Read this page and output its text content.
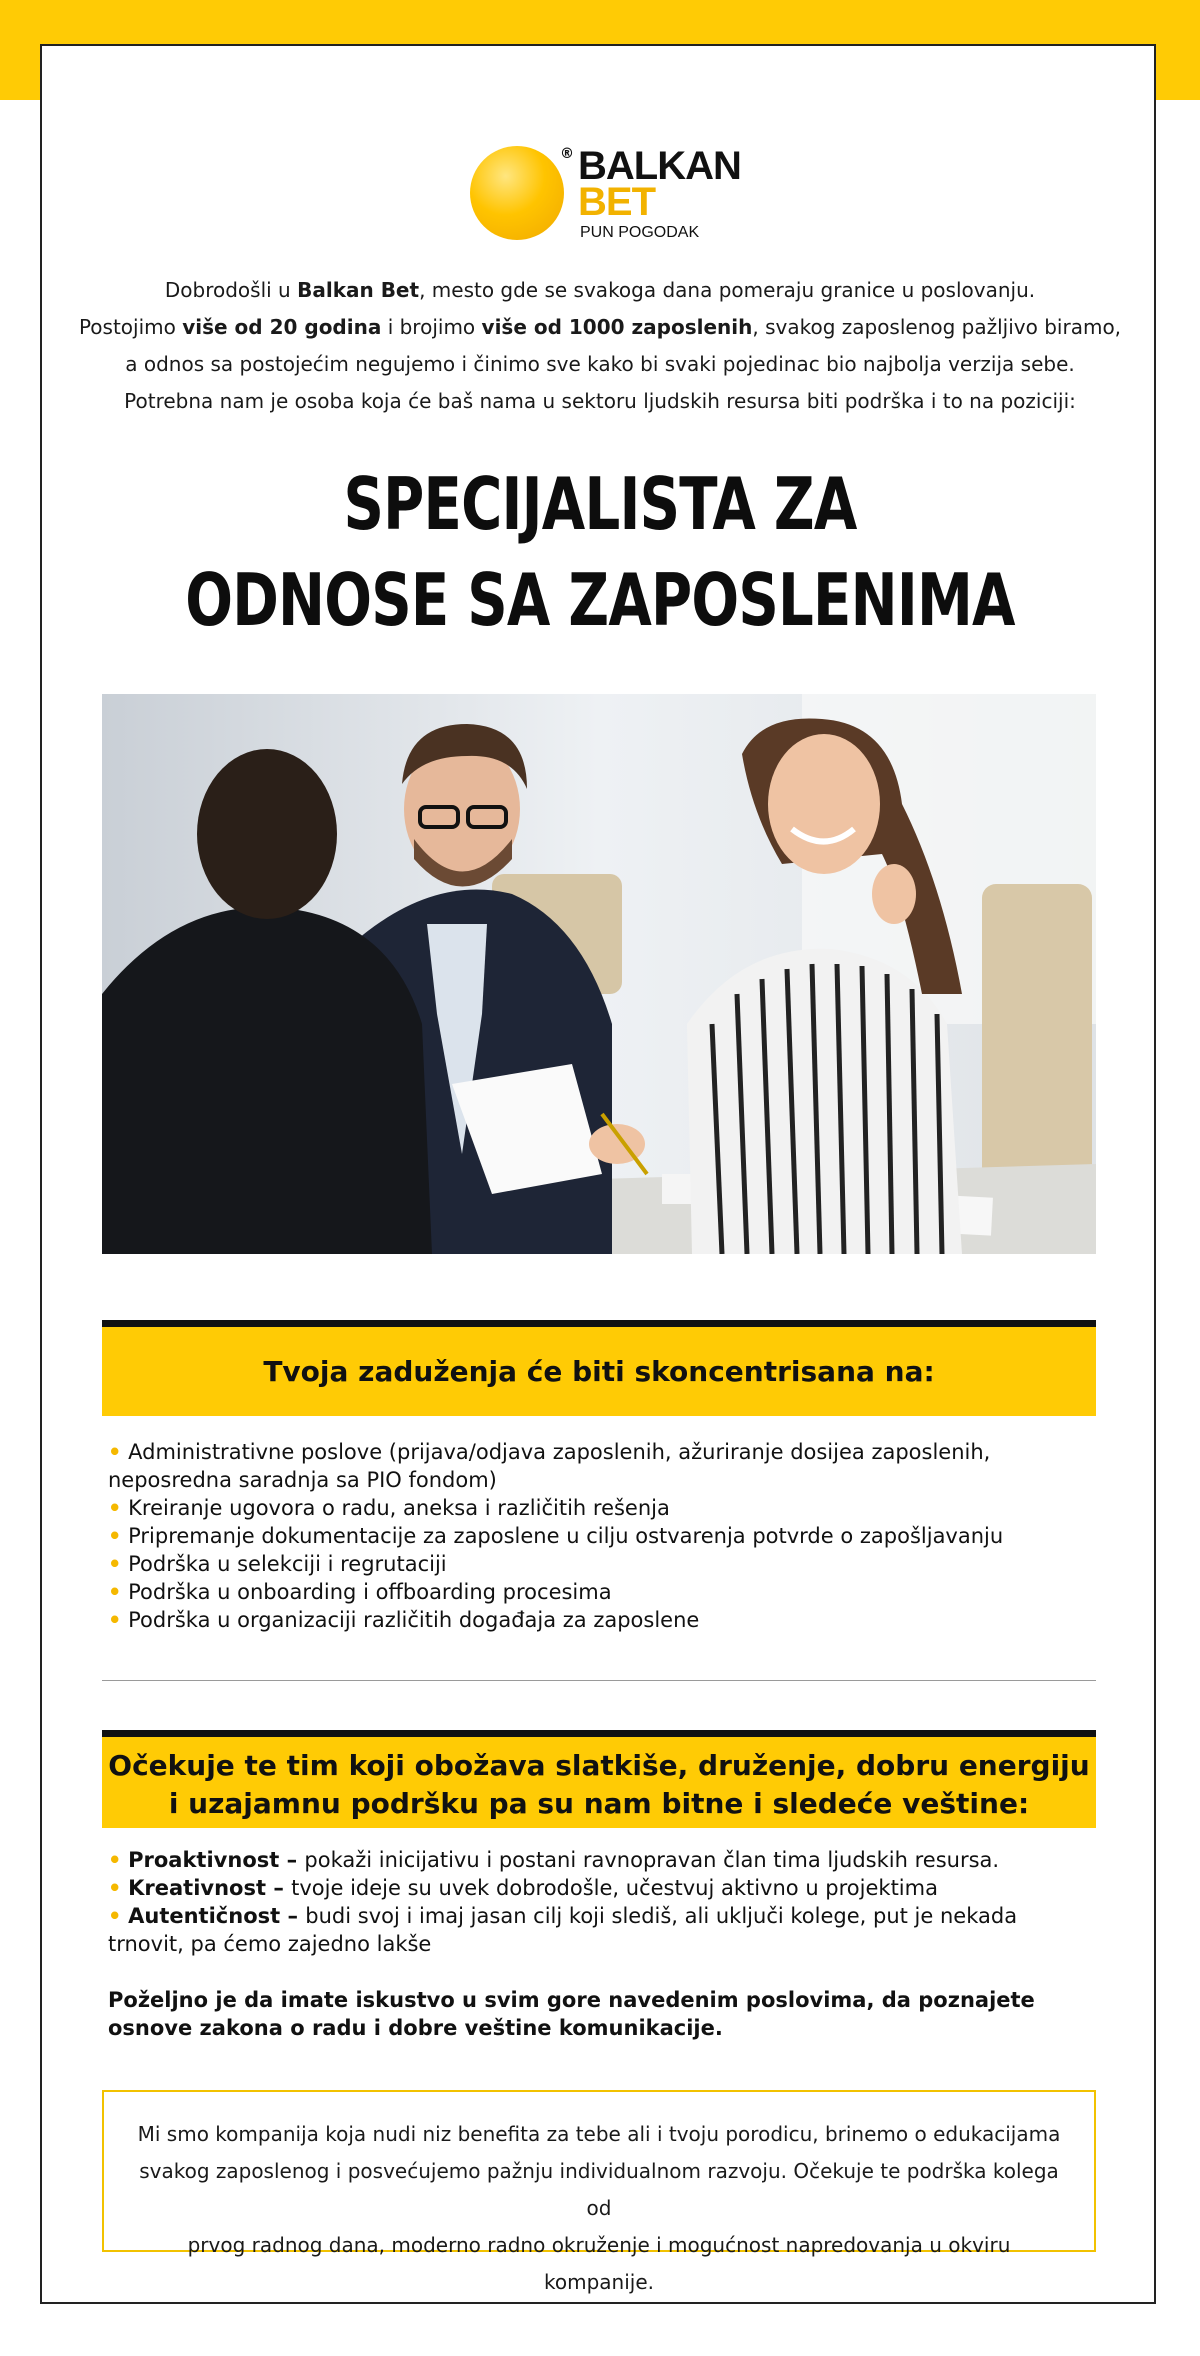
® BALKAN
BET
PUN POGODAK
Dobrodošli u Balkan Bet, mesto gde se svakoga dana pomeraju granice u poslovanju.
Postojimo više od 20 godina i brojimo više od 1000 zaposlenih, svakog zaposlenog pažljivo biramo,
a odnos sa postojećim negujemo i činimo sve kako bi svaki pojedinac bio najbolja verzija sebe.
Potrebna nam je osoba koja će baš nama u sektoru ljudskih resursa biti podrška i to na poziciji:
SPECIJALISTA ZA
ODNOSE SA ZAPOSLENIMA
Tvoja zaduženja će biti skoncentrisana na:
• Administrativne poslove (prijava/odjava zaposlenih, ažuriranje dosijea zaposlenih, neposredna saradnja sa PIO fondom)
• Kreiranje ugovora o radu, aneksa i različitih rešenja
• Pripremanje dokumentacije za zaposlene u cilju ostvarenja potvrde o zapošljavanju
• Podrška u selekciji i regrutaciji
• Podrška u onboarding i offboarding procesima
• Podrška u organizaciji različitih događaja za zaposlene
Očekuje te tim koji obožava slatkiše, druženje, dobru energiju
i uzajamnu podršku pa su nam bitne i sledeće veštine:
• Proaktivnost – pokaži inicijativu i postani ravnopravan član tima ljudskih resursa.
• Kreativnost – tvoje ideje su uvek dobrodošle, učestvuj aktivno u projektima
• Autentičnost – budi svoj i imaj jasan cilj koji slediš, ali uključi kolege, put je nekada trnovit, pa ćemo zajedno lakše
Poželjno je da imate iskustvo u svim gore navedenim poslovima, da poznajete osnove zakona o radu i dobre veštine komunikacije.
Mi smo kompanija koja nudi niz benefita za tebe ali i tvoju porodicu, brinemo o edukacijama
svakog zaposlenog i posvećujemo pažnju individualnom razvoju. Očekuje te podrška kolega od
prvog radnog dana, moderno radno okruženje i mogućnost napredovanja u okviru kompanije.
